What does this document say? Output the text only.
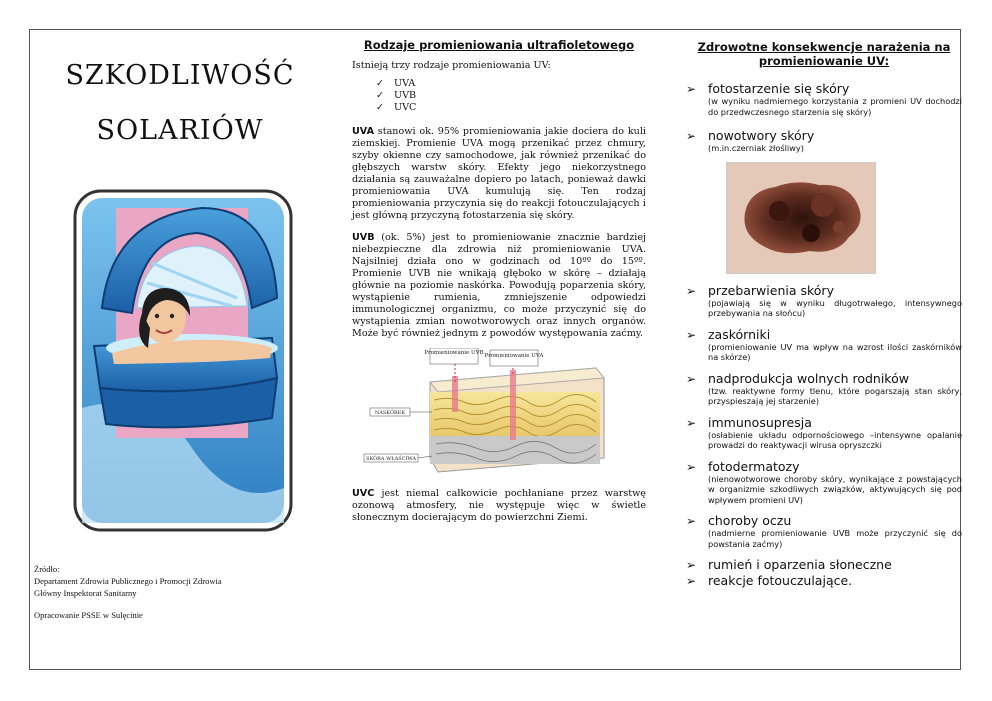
SZKODLIWOŚĆ
SOLARIÓW
Źródło:
Departament Zdrowia Publicznego i Promocji Zdrowia
Główny Inspektorat Sanitarny
Opracowanie PSSE w Sulęcinie
Rodzaje promieniowania ultrafioletowego
Istnieją trzy rodzaje promieniowania UV:
✓ UVA
✓ UVB
✓ UVC

UVA stanowi ok. 95% promieniowania jakie dociera do kuli ziemskiej. Promienie UVA mogą przenikać przez chmury, szyby okienne czy samochodowe, jak również przenikać do głębszych warstw skóry. Efekty jego niekorzystnego działania są zauważalne dopiero po latach, ponieważ dawki promieniowania UVA kumulują się. Ten rodzaj promieniowania przyczynia się do reakcji fotouczulających i jest główną przyczyną fotostarzenia się skóry.

UVB (ok. 5%) jest to promieniowanie znacznie bardziej niebezpieczne dla zdrowia niż promieniowanie UVA. Najsilniej działa ono w godzinach od 10ºº do 15ºº. Promienie UVB nie wnikają głęboko w skórę – działają głównie na poziomie naskórka. Powodują poparzenia skóry, wystąpienie rumienia, zmniejszenie odpowiedzi immunologicznej organizmu, co może przyczynić się do wystąpienia zmian nowotworowych oraz innych organów. Może być również jednym z powodów występowania zaćmy.

Promieniowanie UVB Promieniowanie UVA
NASKÓREK
SKÓRA WŁAŚCIWA

UVC jest niemal całkowicie pochłaniane przez warstwę ozonową atmosfery, nie występuje więc w świetle słonecznym docierającym do powierzchni Ziemi.

Zdrowotne konsekwencje narażenia na
promieniowanie UV:
➢ fotostarzenie się skóry
(w wyniku nadmiernego korzystania z promieni UV dochodzi do przedwczesnego starzenia się skóry)
➢ nowotwory skóry
(m.in.czerniak złośliwy)
➢ przebarwienia skóry
(pojawiają się w wyniku długotrwałego, intensywnego przebywania na słońcu)
➢ zaskórniki
(promieniowanie UV ma wpływ na wzrost ilości zaskórników na skórze)
➢ nadprodukcja wolnych rodników
(tzw. reaktywne formy tlenu, które pogarszają stan skóry, przyspieszają jej starzenie)
➢ immunosupresja
(osłabienie układu odpornościowego –intensywne opalanie prowadzi do reaktywacji wirusa opryszczki
➢ fotodermatozy
(nienowotworowe choroby skóry, wynikające z powstających w organizmie szkodliwych związków, aktywujących się pod wpływem promieni UV)
➢ choroby oczu
(nadmierne promieniowanie UVB może przyczynić się do powstania zaćmy)
➢ rumień i oparzenia słoneczne
➢ reakcje fotouczulające.
